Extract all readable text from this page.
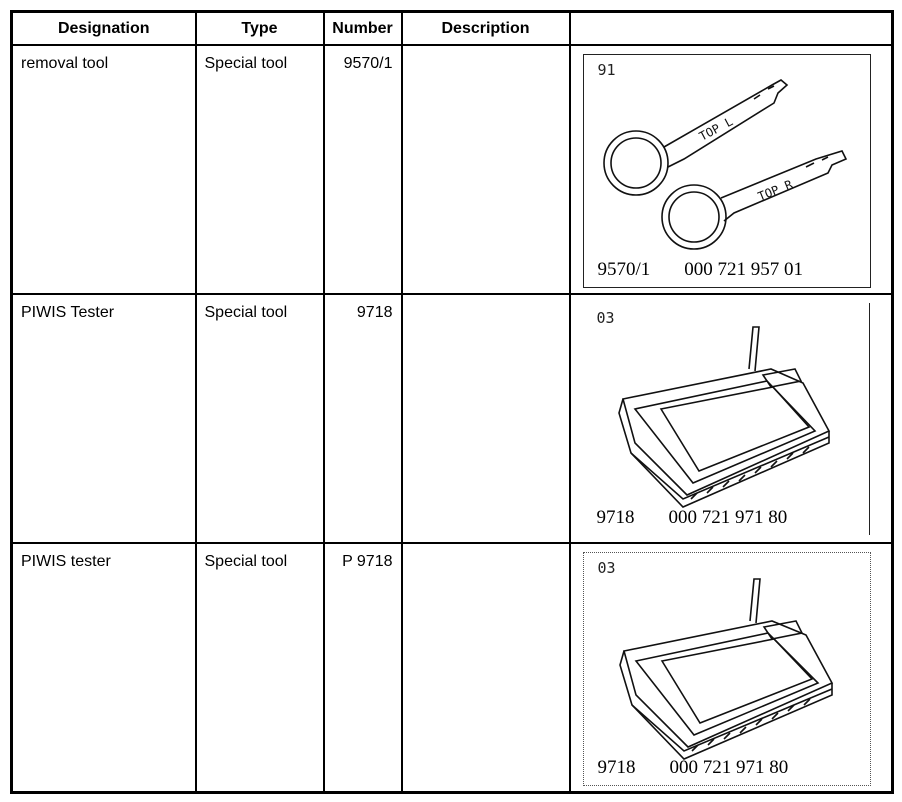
Designation	Type	Number	Description	
removal tool	Special tool	9570/1		TOP L
TOP R
91
9570/1 000 721 957 01

PIWIS Tester	Special tool	9718		03
9718 000 721 971 80

PIWIS tester	Special tool	P 9718		03
9718 000 721 971 80
